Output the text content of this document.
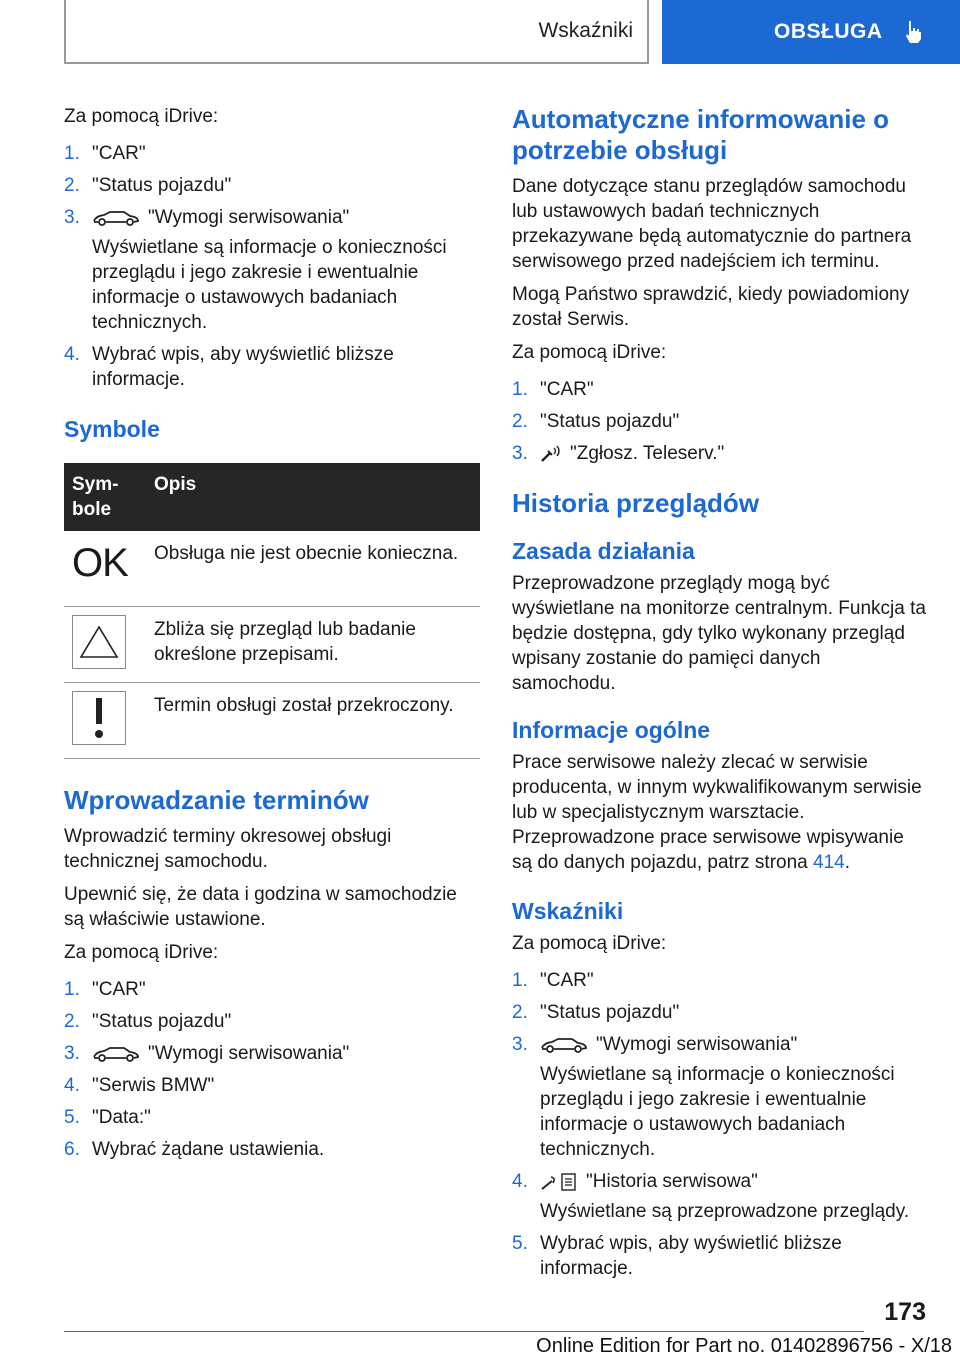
Wskaźniki	OBSŁUGA

Za pomocą iDrive:

1. "CAR"
2. "Status pojazdu"
3.	"Wymogi serwisowania"
Wyświetlane są informacje o konieczności przeglądu i jego zakresie i ewentualnie informacje o ustawowych badaniach technicznych.
4. Wybrać wpis, aby wyświetlić bliższe informacje.
Symbole
Sym-bole	Opis

OK	Obsługa nie jest obecnie konieczna.

	Zbliża się przegląd lub badanie określone przepisami.

	Termin obsługi został przekroczony.
Wprowadzanie terminów

Wprowadzić terminy okresowej obsługi technicznej samochodu.

Upewnić się, że data i godzina w samochodzie są właściwie ustawione.

Za pomocą iDrive:

1. "CAR"
2. "Status pojazdu"
3.	"Wymogi serwisowania"
4. "Serwis BMW"
5. "Data:"
6. Wybrać żądane ustawienia.
Automatyczne informowanie o potrzebie obsługi

Dane dotyczące stanu przeglądów samochodu lub ustawowych badań technicznych przekazywane będą automatycznie do partnera serwisowego przed nadejściem ich terminu.

Mogą Państwo sprawdzić, kiedy powiadomiony został Serwis.

Za pomocą iDrive:

1. "CAR"
2. "Status pojazdu"
3.	"Zgłosz. Teleserv."
Historia przeglądów
Zasada działania

Przeprowadzone przeglądy mogą być wyświetlane na monitorze centralnym. Funkcja ta będzie dostępna, gdy tylko wykonany przegląd wpisany zostanie do pamięci danych samochodu.

Informacje ogólne

Prace serwisowe należy zlecać w serwisie producenta, w innym wykwalifikowanym serwisie lub w specjalistycznym warsztacie. Przeprowadzone prace serwisowe wpisywanie są do danych pojazdu, patrz strona 414.

Wskaźniki

Za pomocą iDrive:

1. "CAR"
2. "Status pojazdu"
3.	"Wymogi serwisowania"
Wyświetlane są informacje o konieczności przeglądu i jego zakresie i ewentualnie informacje o ustawowych badaniach technicznych.
4.	"Historia serwisowa"
Wyświetlane są przeprowadzone przeglądy.
5. Wybrać wpis, aby wyświetlić bliższe informacje.
173
Online Edition for Part no. 01402896756 - X/18
